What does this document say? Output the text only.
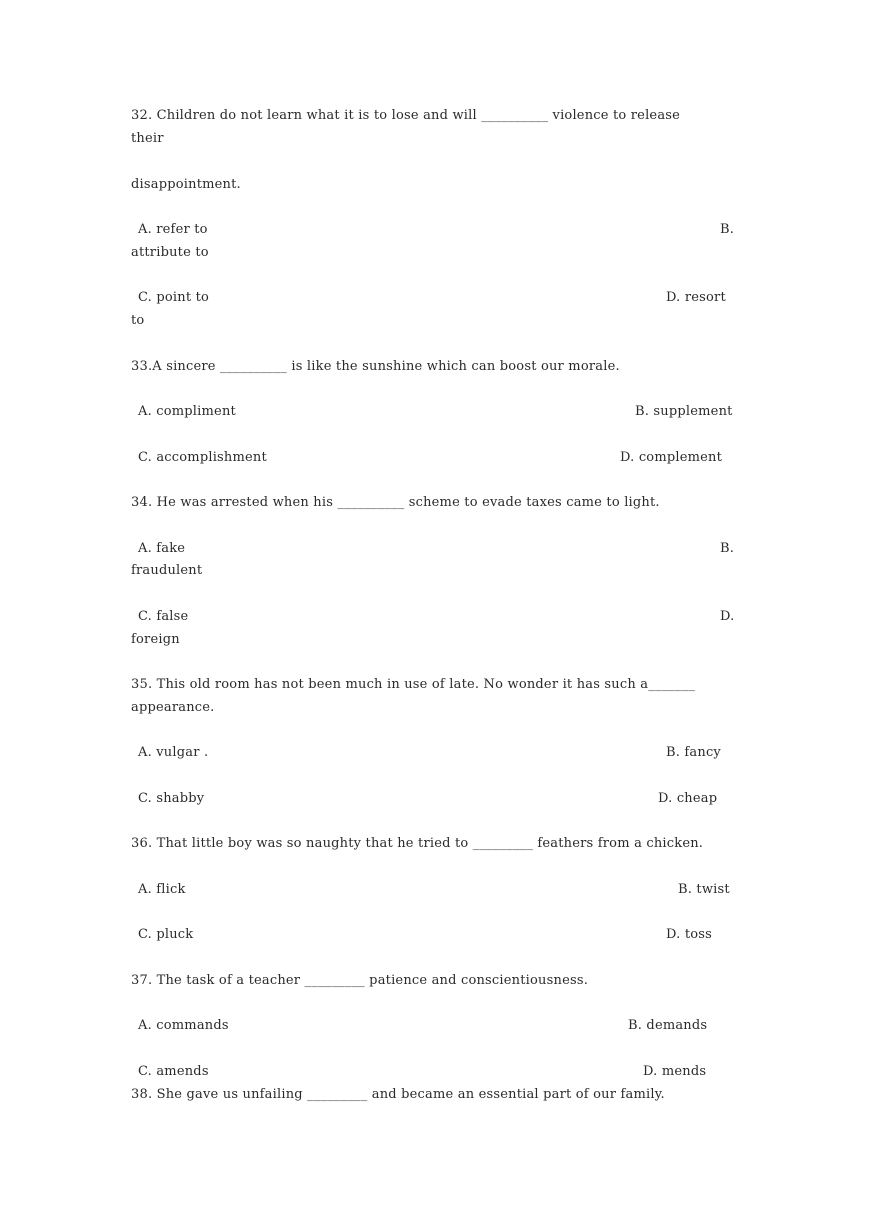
32. Children do not learn what it is to lose and will __________ violence to release
their
disappointment.
A. refer to	B.
attribute to
C. point to	D. resort
to
33.A sincere __________ is like the sunshine which can boost our morale.
A. compliment	B. supplement
C. accomplishment	D. complement
34. He was arrested when his __________ scheme to evade taxes came to light.
A. fake	B.
fraudulent
C. false	D.
foreign
35. This old room has not been much in use of late. No wonder it has such a_______
appearance.
A. vulgar .	B. fancy
C. shabby	D. cheap
36. That little boy was so naughty that he tried to _________ feathers from a chicken.
A. flick	B. twist
C. pluck	D. toss
37. The task of a teacher _________ patience and conscientiousness.
A. commands	B. demands
C. amends	D. mends
38. She gave us unfailing _________ and became an essential part of our family.
